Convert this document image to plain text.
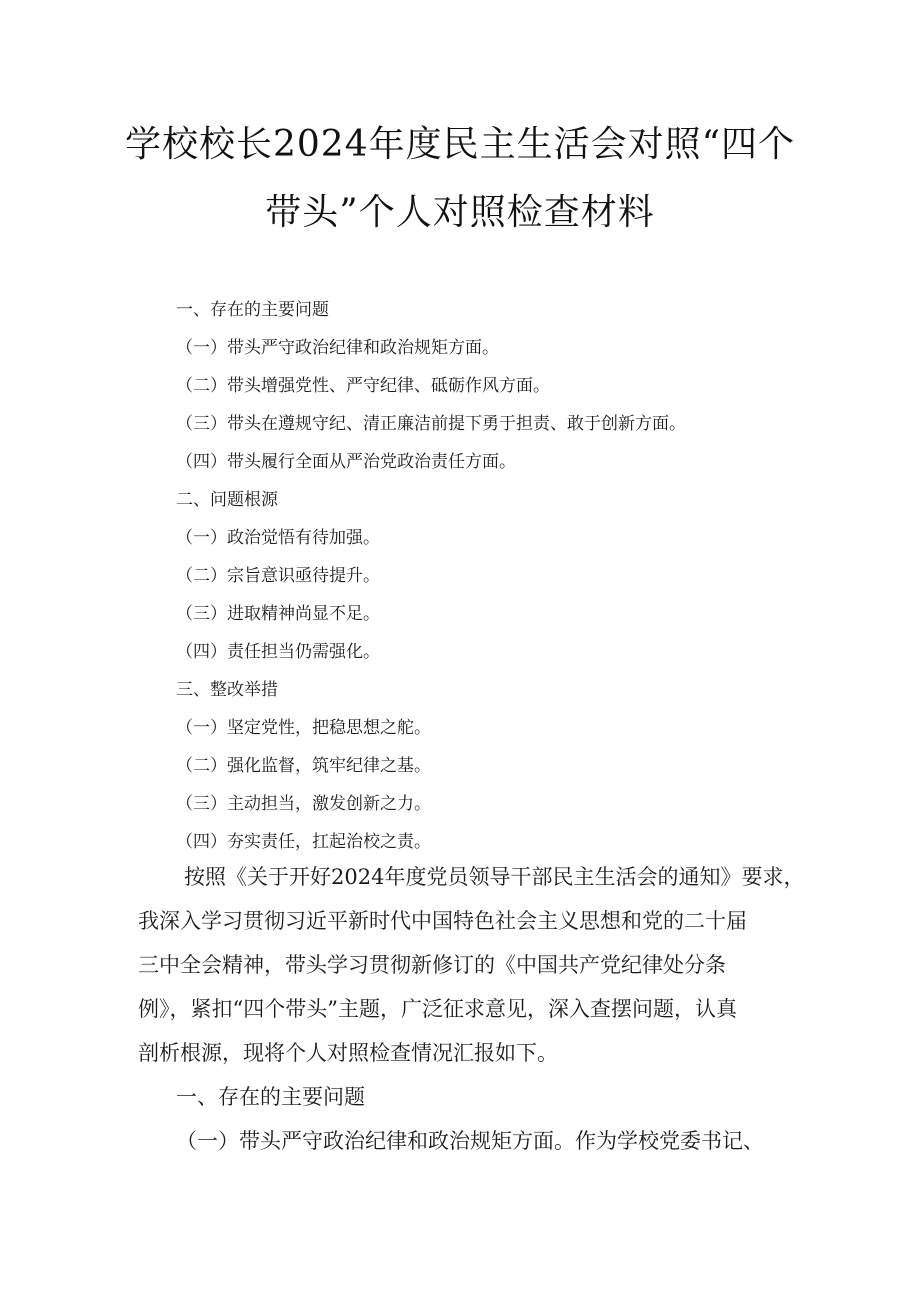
学校校长2024年度民主生活会对照“四个
带头”个人对照检查材料
一、存在的主要问题
（一）带头严守政治纪律和政治规矩方面。
（二）带头增强党性、严守纪律、砥砺作风方面。
（三）带头在遵规守纪、清正廉洁前提下勇于担责、敢于创新方面。
（四）带头履行全面从严治党政治责任方面。
二、问题根源
（一）政治觉悟有待加强。
（二）宗旨意识亟待提升。
（三）进取精神尚显不足。
（四）责任担当仍需强化。
三、整改举措
（一）坚定党性，把稳思想之舵。
（二）强化监督，筑牢纪律之基。
（三）主动担当，激发创新之力。
（四）夯实责任，扛起治校之责。
按照《关于开好2024年度党员领导干部民主生活会的通知》要求，
我深入学习贯彻习近平新时代中国特色社会主义思想和党的二十届
三中全会精神，带头学习贯彻新修订的《中国共产党纪律处分条
例》，紧扣“四个带头”主题，广泛征求意见，深入查摆问题，认真
剖析根源，现将个人对照检查情况汇报如下。
一、存在的主要问题
（一）带头严守政治纪律和政治规矩方面。作为学校党委书记、
